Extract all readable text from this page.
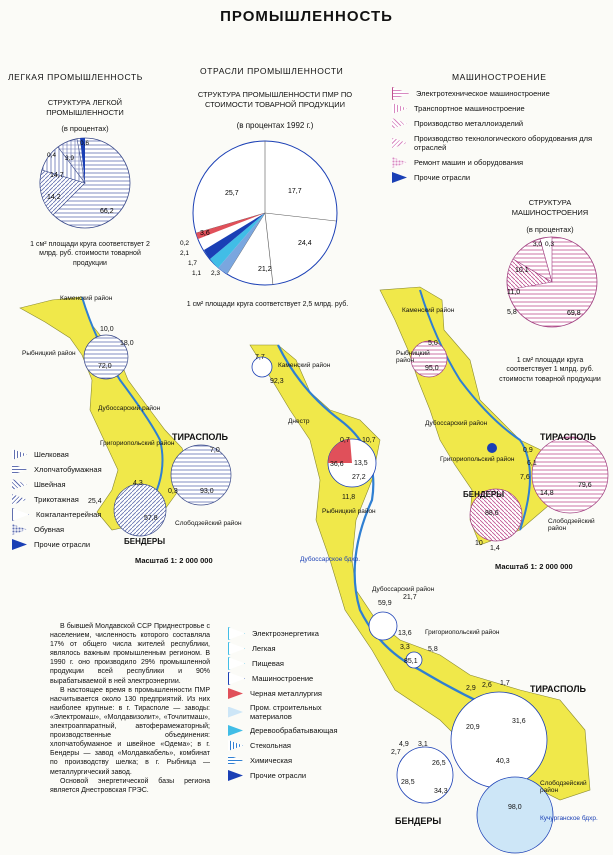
ПРОМЫШЛЕННОСТЬ
ЛЕГКАЯ ПРОМЫШЛЕННОСТЬ
СТРУКТУРА ЛЕГКОЙ ПРОМЫШЛЕННОСТИ
(в процентах)
0,6
66,2
14,2
14,7
0,4 3,9
1 см² площади круга соответствует 2 млрд. руб. стоимости товарной продукции
ОТРАСЛИ ПРОМЫШЛЕННОСТИ
СТРУКТУРА ПРОМЫШЛЕННОСТИ ПМР ПО СТОИМОСТИ ТОВАРНОЙ ПРОДУКЦИИ
(в процентах 1992 г.)
17,7
24,4
21,2
2,3
1,1
1,7
2,1
0,2
3,6
25,7
1 см² площади круга соответствует 2,5 млрд. руб.
МАШИНОСТРОЕНИЕ
Электротехническое машиностроение
Транспортное машиностроение
Производство металлоизделий
Производство технологического оборудования для отраслей
Ремонт машин и оборудования
Прочие отрасли
СТРУКТУРА МАШИНОСТРОЕНИЯ
(в процентах)
3,0 0,3
10,1
11,0
5,8	69,8
1 см² площади круга соответствует 1 млрд. руб. стоимости товарной продукции
Каменский район
Рыбницкий район
Дубоссарский район
Григориопольский район
ТИРАСПОЛЬ
Слободзейский район
БЕНДЕРЫ
10,0
18,0
72,0
7,0
93,0
4,3
25,4
57,8
0,3
Шелковая
Хлопчатобумажная
Швейная
Трикотажная
Кожгалантерейная
Обувная
Прочие отрасли
Масштаб 1: 2 000 000
Каменский район
7,7
92,3
Днестр
0,7 10,7
36,6 13,5
27,2
11,8
Рыбницкий район
Дубоссарское бдхр.
Дубоссарский район
59,9
21,7
13,6
3,3	5,8
85,1
Григориопольский район
ТИРАСПОЛЬ
2,9 2,6 1,7
31,6
20,9
40,3
4,9 3,1
2,7
26,5
28,5
34,3
БЕНДЕРЫ
98,0
Слободзейский район
Кучурганское бдхр.
Электроэнергетика
Легкая
Пищевая
Машиностроение
Черная металлургия
Пром. строительных материалов
Деревообрабатывающая
Стекольная
Химическая
Прочие отрасли
Каменский район
Рыбницкий район
5,0
95,0
Дубоссарский район
Григориопольский район
ТИРАСПОЛЬ
0,9
6,1
7,6
14,8
79,6
БЕНДЕРЫ
88,6
10
1,4
Слободзейский район
Масштаб 1: 2 000 000

В бывшей Молдавской ССР Приднестровье с населением, численность которого составляла 17% от общего числа жителей республики, являлось важным промышленным регионом. В 1990 г. оно производило 29% промышленной продукции всей республики и 90% вырабатываемой в ней электроэнергии.

В настоящее время в промышленности ПМР насчитывается около 130 предприятий. Из них наиболее крупные: в г. Тирасполе — заводы: «Электромаш», «Молдавизолит», «Точлитмаш», электроаппаратный, автоферамежаторный; производственные объединения: хлопчатобумажное и швейное «Одема»; в г. Бендеры — завод «Молдавкабель», комбинат по производству шелка; в г. Рыбница — металлургический завод.

Основой энергетической базы региона является Днестровская ГРЭС.
